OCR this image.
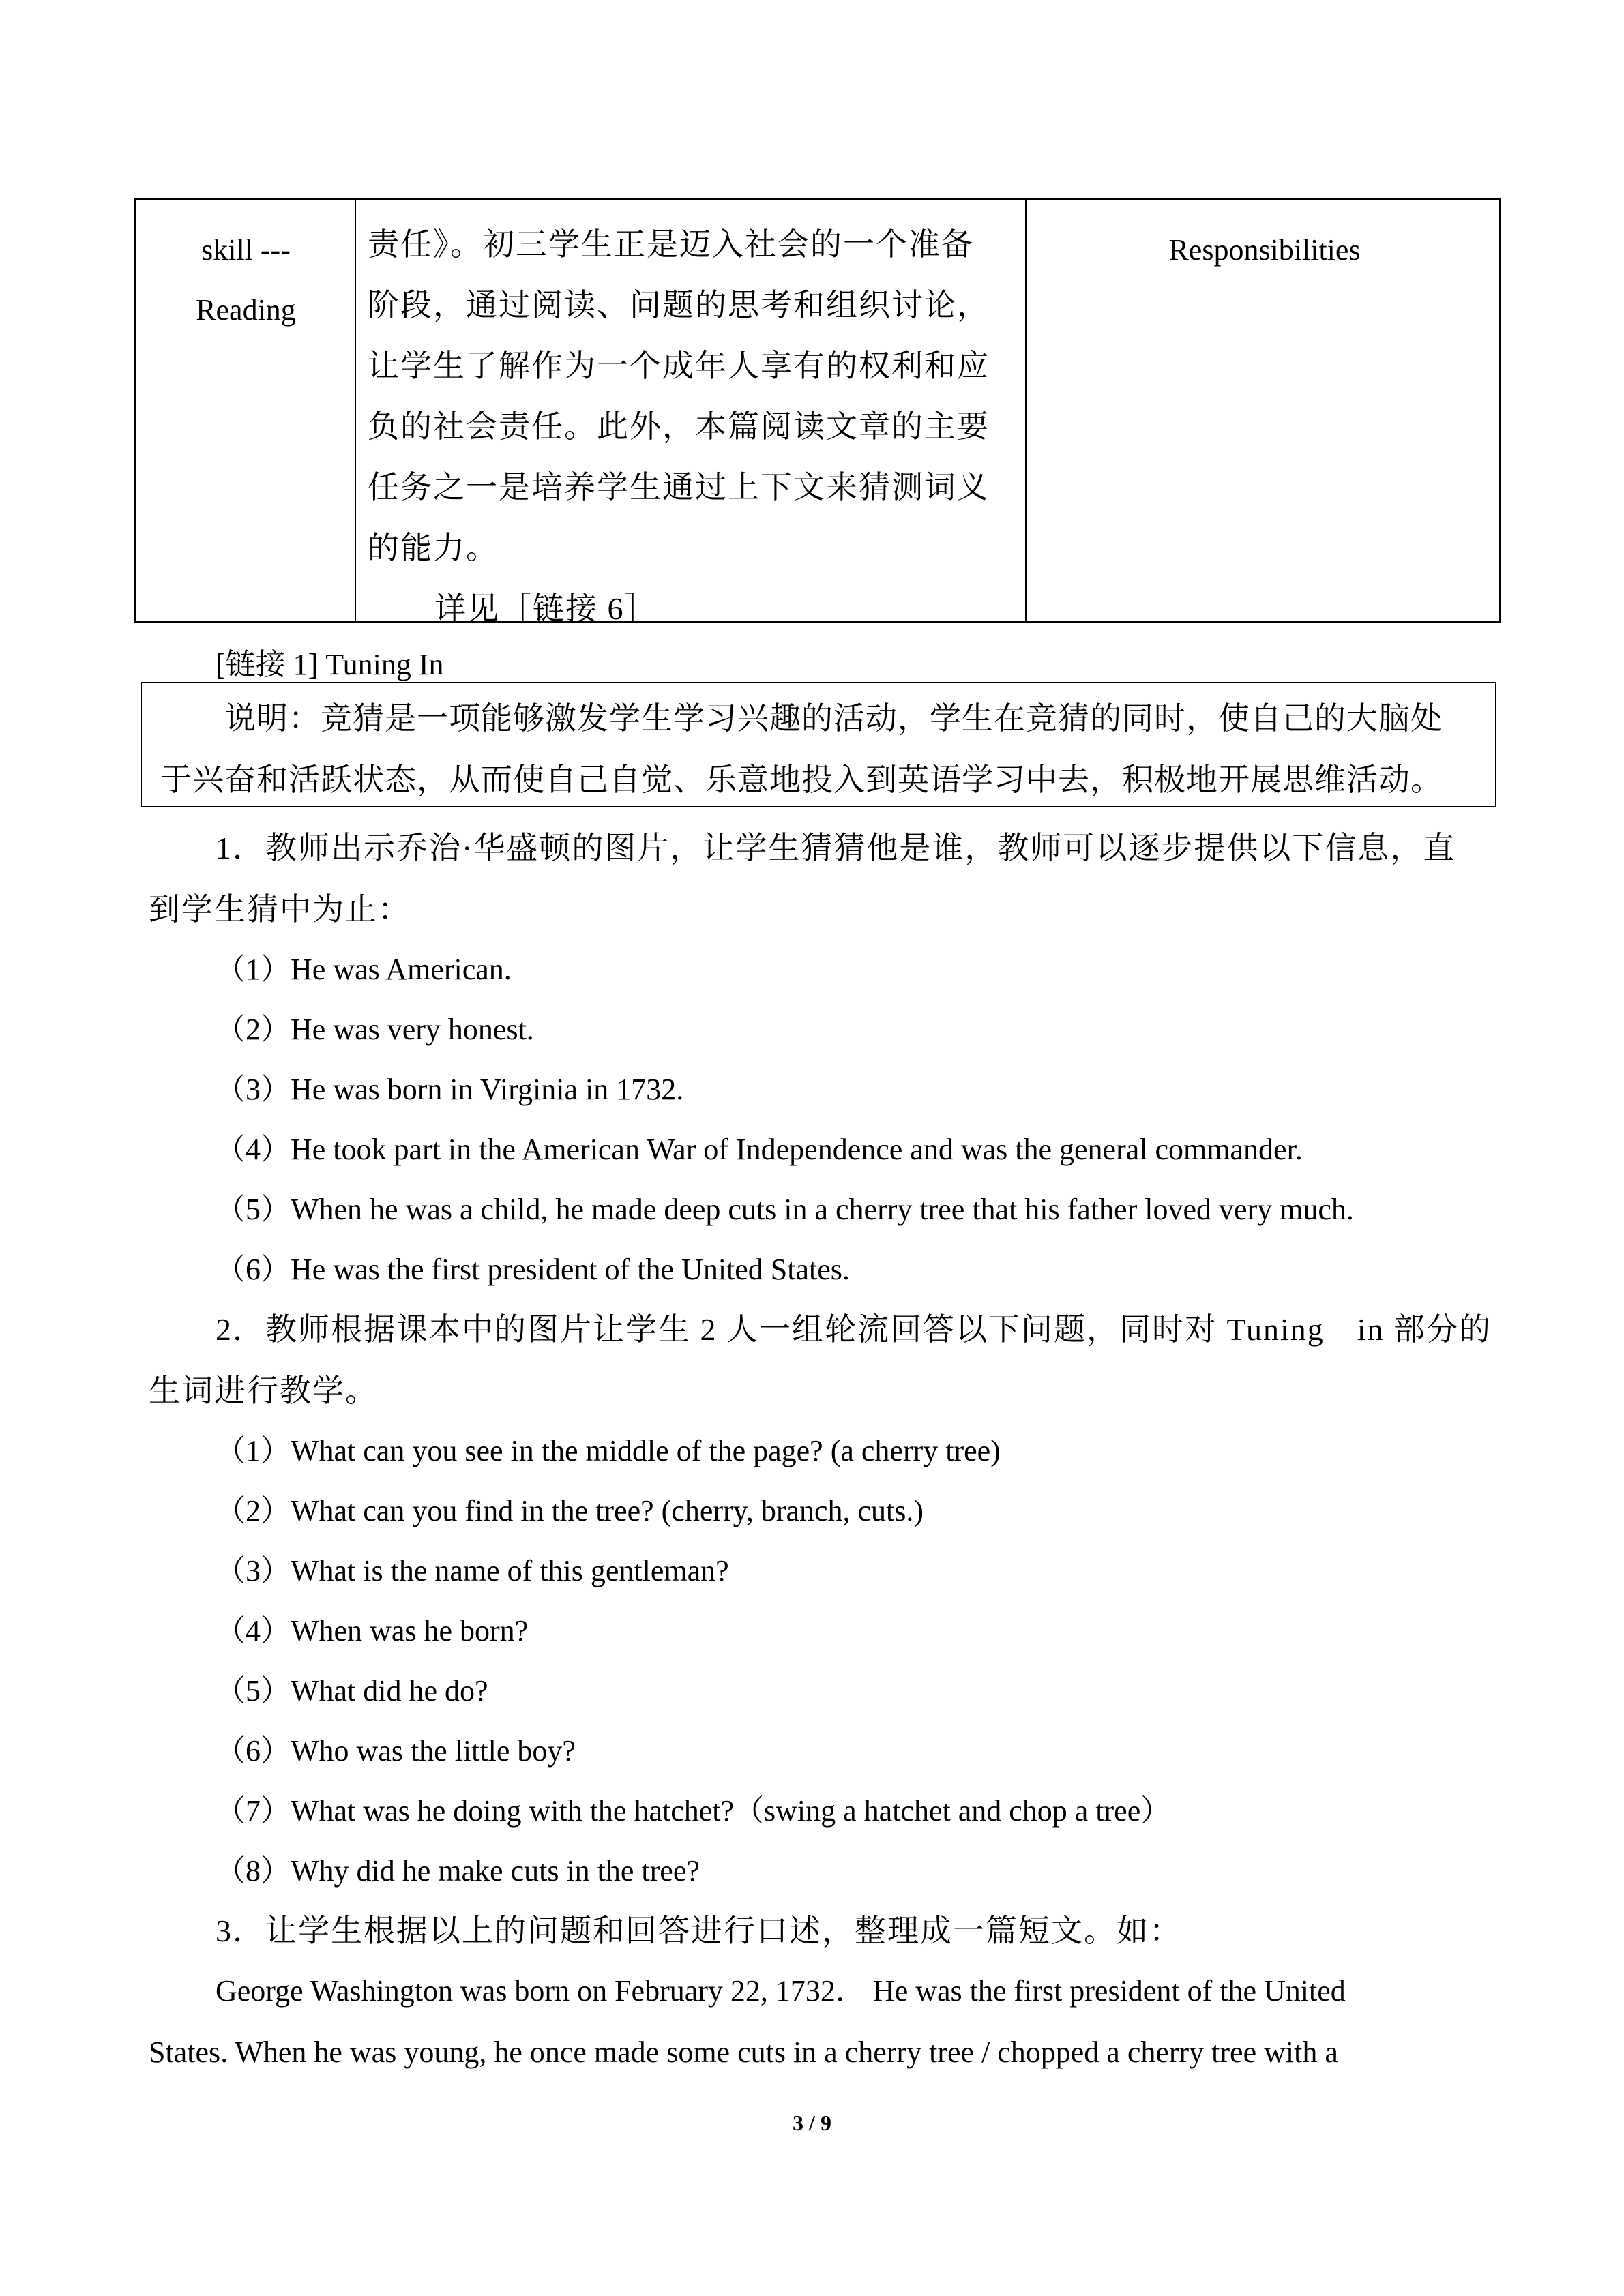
skill ---
Reading
责任》。初三学生正是迈入社会的一个准备
阶段，通过阅读、问题的思考和组织讨论，
让学生了解作为一个成年人享有的权利和应
负的社会责任。此外，本篇阅读文章的主要
任务之一是培养学生通过上下文来猜测词义
的能力。
详见［链接 6］
Responsibilities
[链接 1] Tuning In
说明：竞猜是一项能够激发学生学习兴趣的活动，学生在竞猜的同时，使自己的大脑处
于兴奋和活跃状态，从而使自己自觉、乐意地投入到英语学习中去，积极地开展思维活动。
1．教师出示乔治·华盛顿的图片，让学生猜猜他是谁，教师可以逐步提供以下信息，直
到学生猜中为止：
（1）He was American.
（2）He was very honest.
（3）He was born in Virginia in 1732.
（4）He took part in the American War of Independence and was the general commander.
（5）When he was a child, he made deep cuts in a cherry tree that his father loved very much.
（6）He was the first president of the United States.
2．教师根据课本中的图片让学生 2 人一组轮流回答以下问题，同时对 Tuning　in 部分的
生词进行教学。
（1）What can you see in the middle of the page? (a cherry tree)
（2）What can you find in the tree? (cherry, branch, cuts.)
（3）What is the name of this gentleman?
（4）When was he born?
（5）What did he do?
（6）Who was the little boy?
（7）What was he doing with the hatchet?（swing a hatchet and chop a tree）
（8）Why did he make cuts in the tree?
3．让学生根据以上的问题和回答进行口述，整理成一篇短文。如：
George Washington was born on February 22, 1732． He was the first president of the United
States. When he was young, he once made some cuts in a cherry tree / chopped a cherry tree with a
3 / 9
